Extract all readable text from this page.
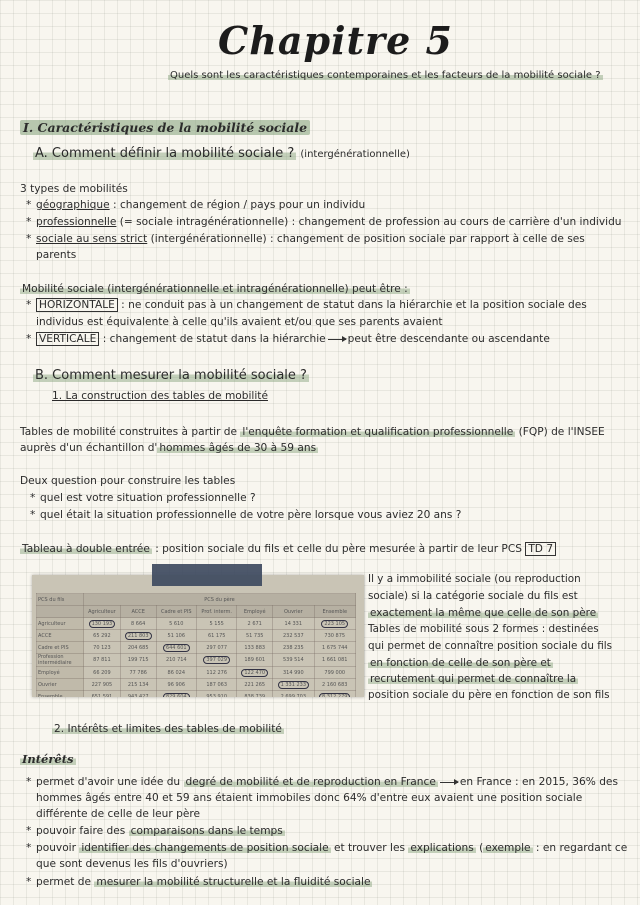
Chapitre 5
Quels sont les caractéristiques contemporaines et les facteurs de la mobilité sociale ?
I. Caractéristiques de la mobilité sociale
A. Comment définir la mobilité sociale ? (intergénérationnelle)
3 types de mobilités
* géographique : changement de région / pays pour un individu
* professionnelle (= sociale intragénérationnelle) : changement de profession au cours de carrière d'un individu
* sociale au sens strict (intergénérationnelle) : changement de position sociale par rapport à celle de ses
parents
Mobilité sociale (intergénérationnelle et intragénérationnelle) peut être :
* HORIZONTALE : ne conduit pas à un changement de statut dans la hiérarchie et la position sociale des
individus est équivalente à celle qu'ils avaient et/ou que ses parents avaient
* VERTICALE : changement de statut dans la hiérarchie peut être descendante ou ascendante
B. Comment mesurer la mobilité sociale ?
1. La construction des tables de mobilité
Tables de mobilité construites à partir de l'enquête formation et qualification professionnelle (FQP) de l'INSEE
auprès d'un échantillon d' hommes âgés de 30 à 59 ans
Deux question pour construire les tables
* quel est votre situation professionnelle ?
* quel était la situation professionnelle de votre père lorsque vous aviez 20 ans ?
Tableau à double entrée : position sociale du fils et celle du père mesurée à partir de leur PCS TD 7
PCS du fils	PCS du père						
	Agriculteur	ACCE	Cadre et PIS	Prof. interm.	Employé	Ouvrier	Ensemble
Agriculteur	130 193	8 664	5 610	5 155	2 671	14 331	223 105
ACCE	65 292	211 803	51 106	61 175	51 735	232 537	730 875
Cadre et PIS	70 123	204 685	644 601	297 077	133 883	238 235	1 675 744
Profession intermédiaire	87 811	199 715	210 714	397 029	189 601	539 514	1 661 081
Employé	66 209	77 786	86 024	112 276	122 470	314 990	799 000
Ouvrier	227 905	215 134	96 906	187 063	221 265	1 331 233	2 160 683
Ensemble	651 591	943 427	829 604	953 910	838 739	2 699 703	8 312 279
Il y a immobilité sociale (ou reproduction
sociale) si la catégorie sociale du fils est
exactement la même que celle de son père
Tables de mobilité sous 2 formes : destinées
qui permet de connaître position sociale du fils
en fonction de celle de son père et
recrutement qui permet de connaître la
position sociale du père en fonction de son fils
2. Intérêts et limites des tables de mobilité
Intérêts
* permet d'avoir une idée du degré de mobilité et de reproduction en France en France : en 2015, 36% des
hommes âgés entre 40 et 59 ans étaient immobiles donc 64% d'entre eux avaient une position sociale
différente de celle de leur père
* pouvoir faire des comparaisons dans le temps
* pouvoir identifier des changements de position sociale et trouver les explications ( exemple : en regardant ce
que sont devenus les fils d'ouvriers)
* permet de mesurer la mobilité structurelle et la fluidité sociale
